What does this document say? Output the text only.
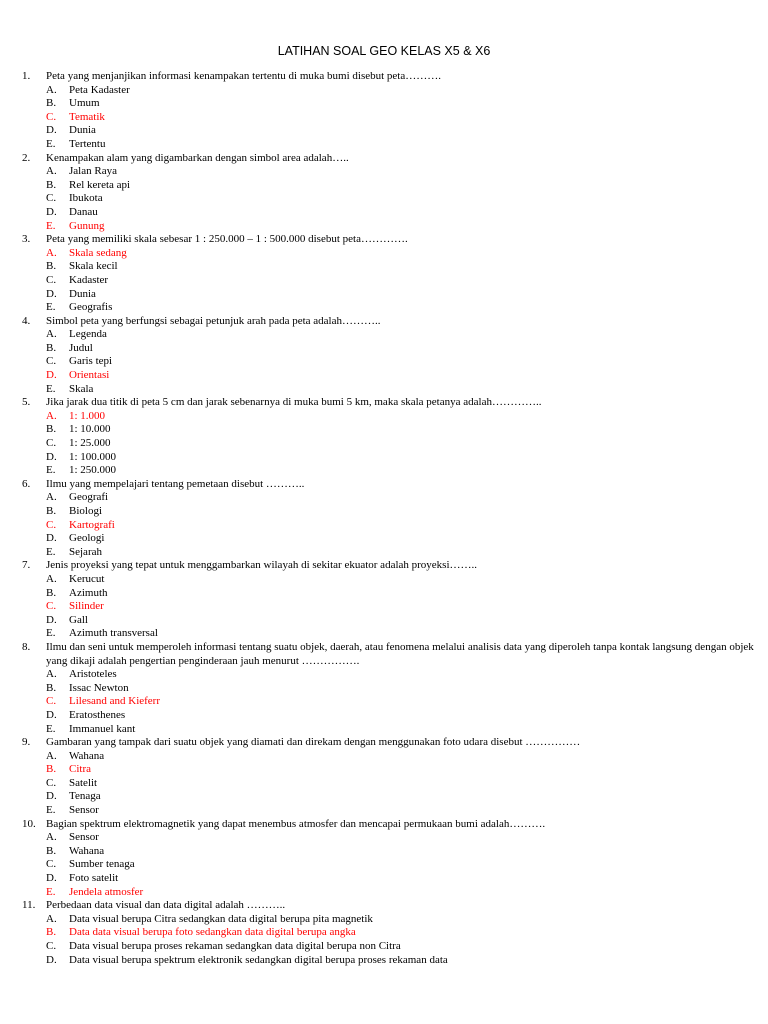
LATIHAN SOAL GEO KELAS X5 & X6
1.	Peta yang menjanjikan informasi kenampakan tertentu di muka bumi disebut peta……….
A.	Peta Kadaster
B.	Umum
C.	Tematik
D.	Dunia
E.	Tertentu
2.	Kenampakan alam yang digambarkan dengan simbol area adalah…..
A.	Jalan Raya
B.	Rel kereta api
C.	Ibukota
D.	Danau
E.	Gunung
3.	Peta yang memiliki skala sebesar 1 : 250.000 – 1 : 500.000 disebut peta………….
A.	Skala sedang
B.	Skala kecil
C.	Kadaster
D.	Dunia
E.	Geografis
4.	Simbol peta yang berfungsi sebagai petunjuk arah pada peta adalah………..
A.	Legenda
B.	Judul
C.	Garis tepi
D.	Orientasi
E.	Skala
5.	Jika jarak dua titik di peta 5 cm dan jarak sebenarnya di muka bumi 5 km, maka skala petanya adalah…………..
A.	1: 1.000
B.	1: 10.000
C.	1: 25.000
D.	1: 100.000
E.	1: 250.000
6.	Ilmu yang mempelajari tentang pemetaan disebut ………..
A.	Geografi
B.	Biologi
C.	Kartografi
D.	Geologi
E.	Sejarah
7.	Jenis proyeksi yang tepat untuk menggambarkan wilayah di sekitar ekuator adalah proyeksi……..
A.	Kerucut
B.	Azimuth
C.	Silinder
D.	Gall
E.	Azimuth transversal
8.	Ilmu dan seni untuk memperoleh informasi tentang suatu objek, daerah, atau fenomena melalui analisis data yang diperoleh tanpa kontak langsung dengan objek yang dikaji adalah pengertian penginderaan jauh menurut …………….
A.	Aristoteles
B.	Issac Newton
C.	Lilesand and Kieferr
D.	Eratosthenes
E.	Immanuel kant
9.	Gambaran yang tampak dari suatu objek yang diamati dan direkam dengan menggunakan foto udara disebut ……………
A.	Wahana
B.	Citra
C.	Satelit
D.	Tenaga
E.	Sensor
10. Bagian spektrum elektromagnetik yang dapat menembus atmosfer dan mencapai permukaan bumi adalah……….
A.	Sensor
B.	Wahana
C.	Sumber tenaga
D.	Foto satelit
E.	Jendela atmosfer
11. Perbedaan data visual dan data digital adalah ………..
A.	Data visual berupa Citra sedangkan data digital berupa pita magnetik
B.	Data data visual berupa foto sedangkan data digital berupa angka
C.	Data visual berupa proses rekaman sedangkan data digital berupa non Citra
D.	Data visual berupa spektrum elektronik sedangkan digital berupa proses rekaman data
